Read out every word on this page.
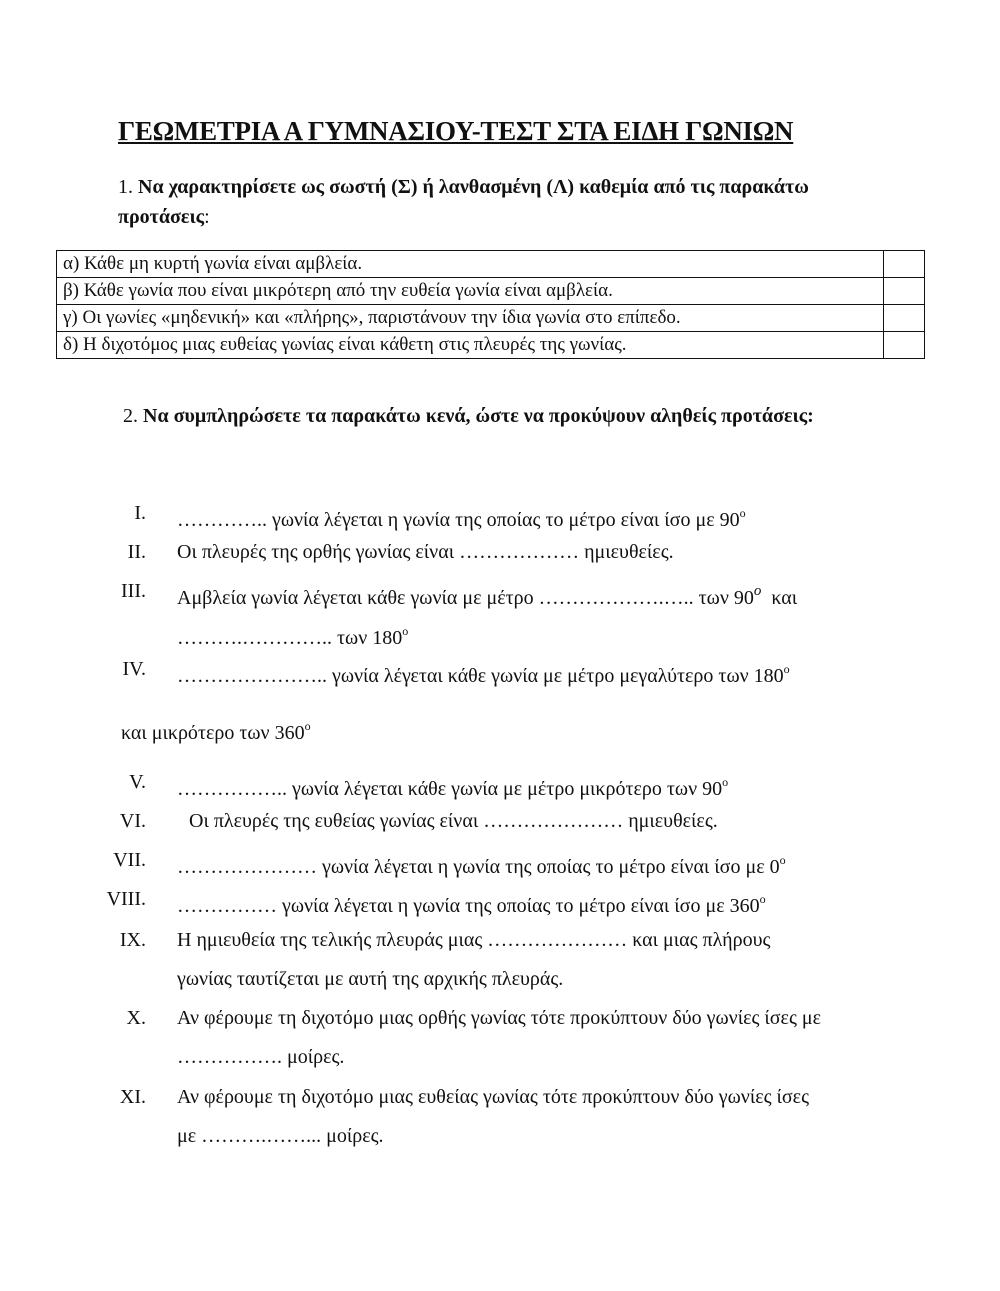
ΓΕΩΜΕΤΡΙΑ Α ΓΥΜΝΑΣΙΟΥ-ΤΕΣΤ ΣΤΑ ΕΙΔΗ ΓΩΝΙΩΝ
1. Να χαρακτηρίσετε ως σωστή (Σ) ή λανθασμένη (Λ) καθεμία από τις παρακάτω
προτάσεις:
α) Κάθε μη κυρτή γωνία είναι αμβλεία.	
β) Κάθε γωνία που είναι μικρότερη από την ευθεία γωνία είναι αμβλεία.	
γ) Οι γωνίες «μηδενική» και «πλήρης», παριστάνουν την ίδια γωνία στο επίπεδο.	
δ) Η διχοτόμος μιας ευθείας γωνίας είναι κάθετη στις πλευρές της γωνίας.	
2. Να συμπληρώσετε τα παρακάτω κενά, ώστε να προκύψουν αληθείς προτάσεις:
I. ………….. γωνία λέγεται η γωνία της οποίας το μέτρο είναι ίσο με $90^o$
II. Οι πλευρές της ορθής γωνίας είναι ……………… ημιευθείες.
III. Αμβλεία γωνία λέγεται κάθε γωνία με μέτρο ……………….….. των 90$^o$  και
……….………….. των $180^o$
IV. ………………….. γωνία λέγεται κάθε γωνία με μέτρο μεγαλύτερο των $180^o$
και μικρότερο των $360^o$
V. …………….. γωνία λέγεται κάθε γωνία με μέτρο μικρότερο των $90^o$
VI. Οι πλευρές της ευθείας γωνίας είναι ………………… ημιευθείες.
VII. ………………… γωνία λέγεται η γωνία της οποίας το μέτρο είναι ίσο με $0^o$
VIII. …………… γωνία λέγεται η γωνία της οποίας το μέτρο είναι ίσο με $360^o$
IX. Η ημιευθεία της τελικής πλευράς μιας ………………… και μιας πλήρους
γωνίας ταυτίζεται με αυτή της αρχικής πλευράς.
X. Αν φέρουμε τη διχοτόμο μιας ορθής γωνίας τότε προκύπτουν δύο γωνίες ίσες με
……………. μοίρες.
XI. Αν φέρουμε τη διχοτόμο μιας ευθείας γωνίας τότε προκύπτουν δύο γωνίες ίσες
με ……….……... μοίρες.
